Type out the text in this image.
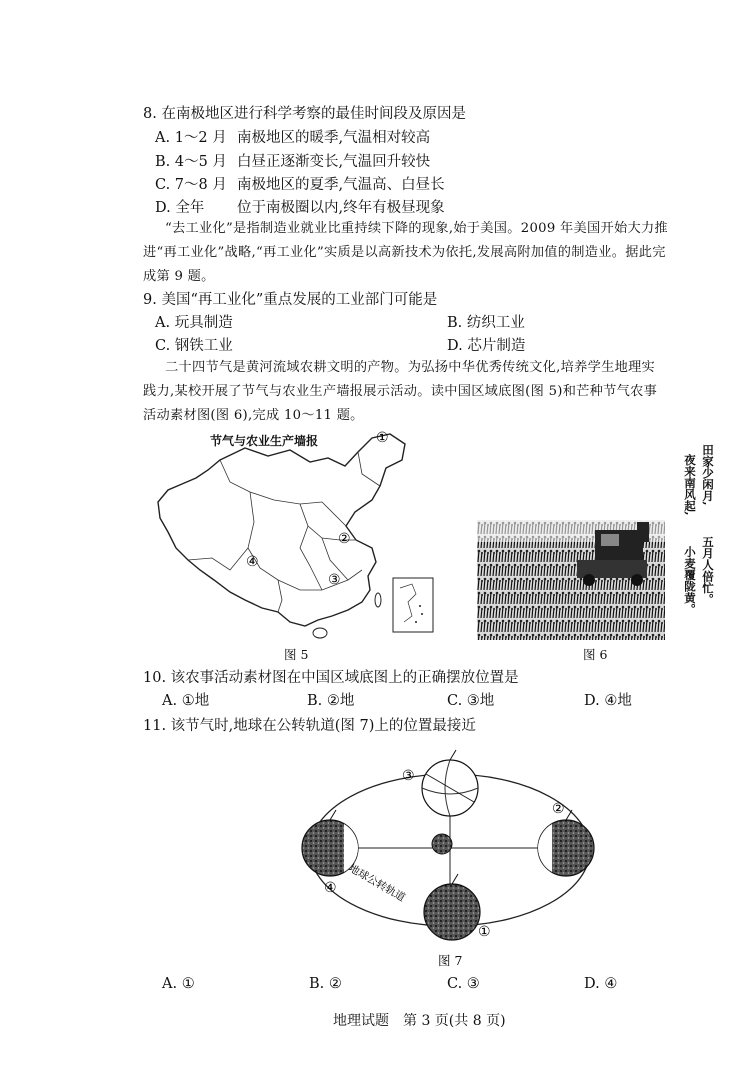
8. 在南极地区进行科学考察的最佳时间段及原因是
A. 1～2 月 南极地区的暖季,气温相对较高
B. 4～5 月 白昼正逐渐变长,气温回升较快
C. 7～8 月 南极地区的夏季,气温高、白昼长
D. 全年 位于南极圈以内,终年有极昼现象
“去工业化”是指制造业就业比重持续下降的现象,始于美国。2009 年美国开始大力推
进“再工业化”战略,“再工业化”实质是以高新技术为依托,发展高附加值的制造业。据此完
成第 9 题。
9. 美国“再工业化”重点发展的工业部门可能是
A. 玩具制造	B. 纺织工业
C. 钢铁工业	D. 芯片制造
二十四节气是黄河流域农耕文明的产物。为弘扬中华优秀传统文化,培养学生地理实
践力,某校开展了节气与农业生产墙报展示活动。读中国区域底图(图 5)和芒种节气农事
活动素材图(图 6),完成 10～11 题。
节气与农业生产墙报	①
②
③
④
图 5
田家少闲月,
五月人倍忙。
夜来南风起,
小麦覆陇黄。
图 6
10. 该农事活动素材图在中国区域底图上的正确摆放位置是
A. ①地	B. ②地	C. ③地	D. ④地
11. 该节气时,地球在公转轨道(图 7)上的位置最接近
地球公转轨道
①
②
③
④
图 7
A. ①	B. ②	C. ③	D. ④
地理试题　第 3 页(共 8 页)
